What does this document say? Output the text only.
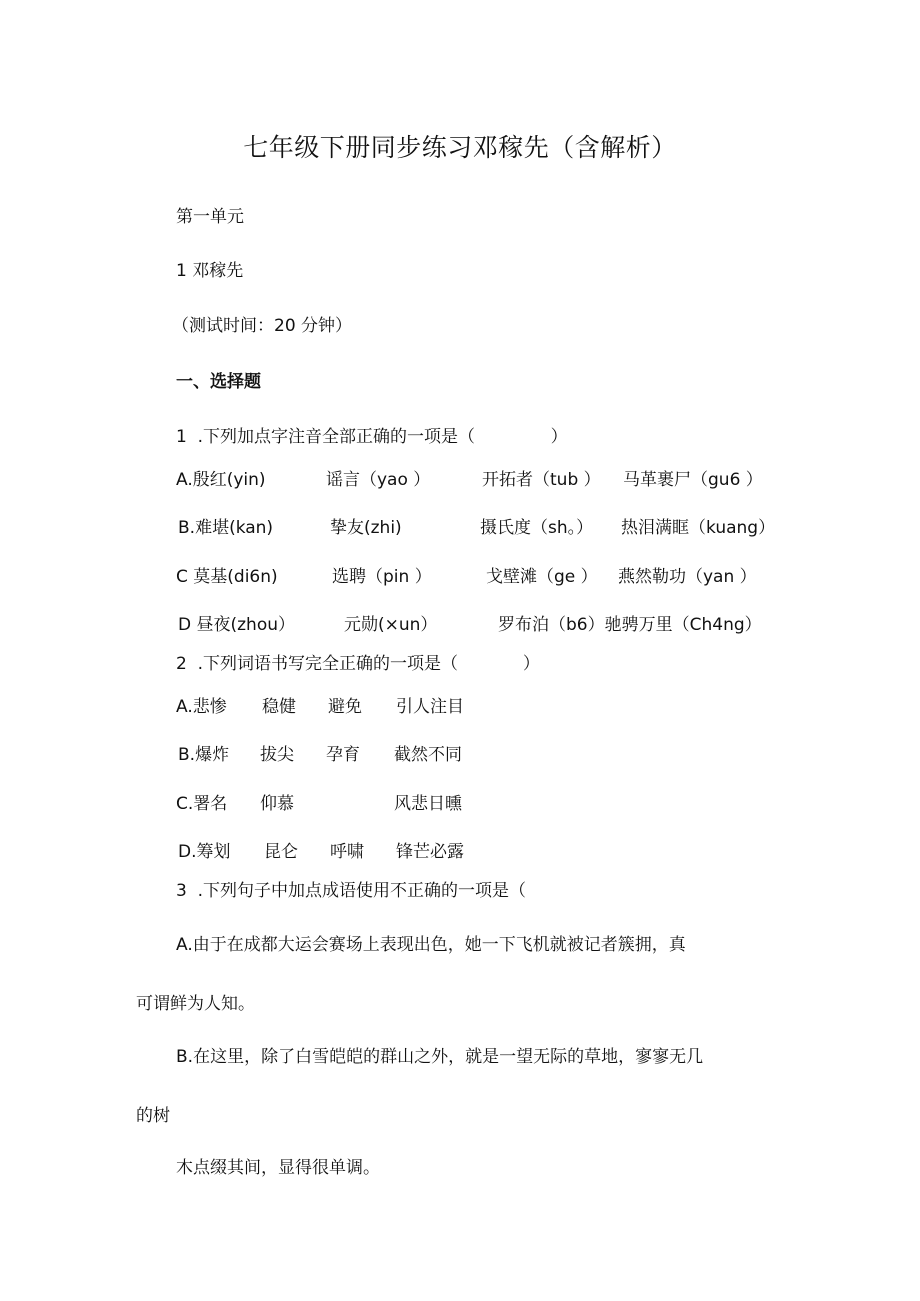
七年级下册同步练习邓稼先（含解析）
第一单元
1 邓稼先
（测试时间：20 分钟）
一、选择题
1  .下列加点字注音全部正确的一项是（              ）
A.殷红(yin)	谣言（yao ）	开拓者（tub ） 马革裹尸（gu6 ）
B.难堪(kan)	挚友(zhi)	摄氏度（sh。） 热泪满眶（kuang）
C 莫基(di6n)	选聘（pin ）	戈壁滩（ge ） 燕然勒功（yan ）
D 昼夜(zhou）	元勋(×un）	罗布泊（b6）驰骋万里（Ch4ng）
2  .下列词语书写完全正确的一项是（            ）
A.悲惨 稳健 避免 引人注目
B.爆炸 拔尖 孕育 截然不同
C.署名 仰慕	风悲日曛
D.筹划 昆仑 呼啸 锋芒必露
3  .下列句子中加点成语使用不正确的一项是（
A.由于在成都大运会赛场上表现出色，她一下飞机就被记者簇拥，真
可谓鲜为人知。
B.在这里，除了白雪皑皑的群山之外，就是一望无际的草地，寥寥无几
的树
木点缀其间，显得很单调。
